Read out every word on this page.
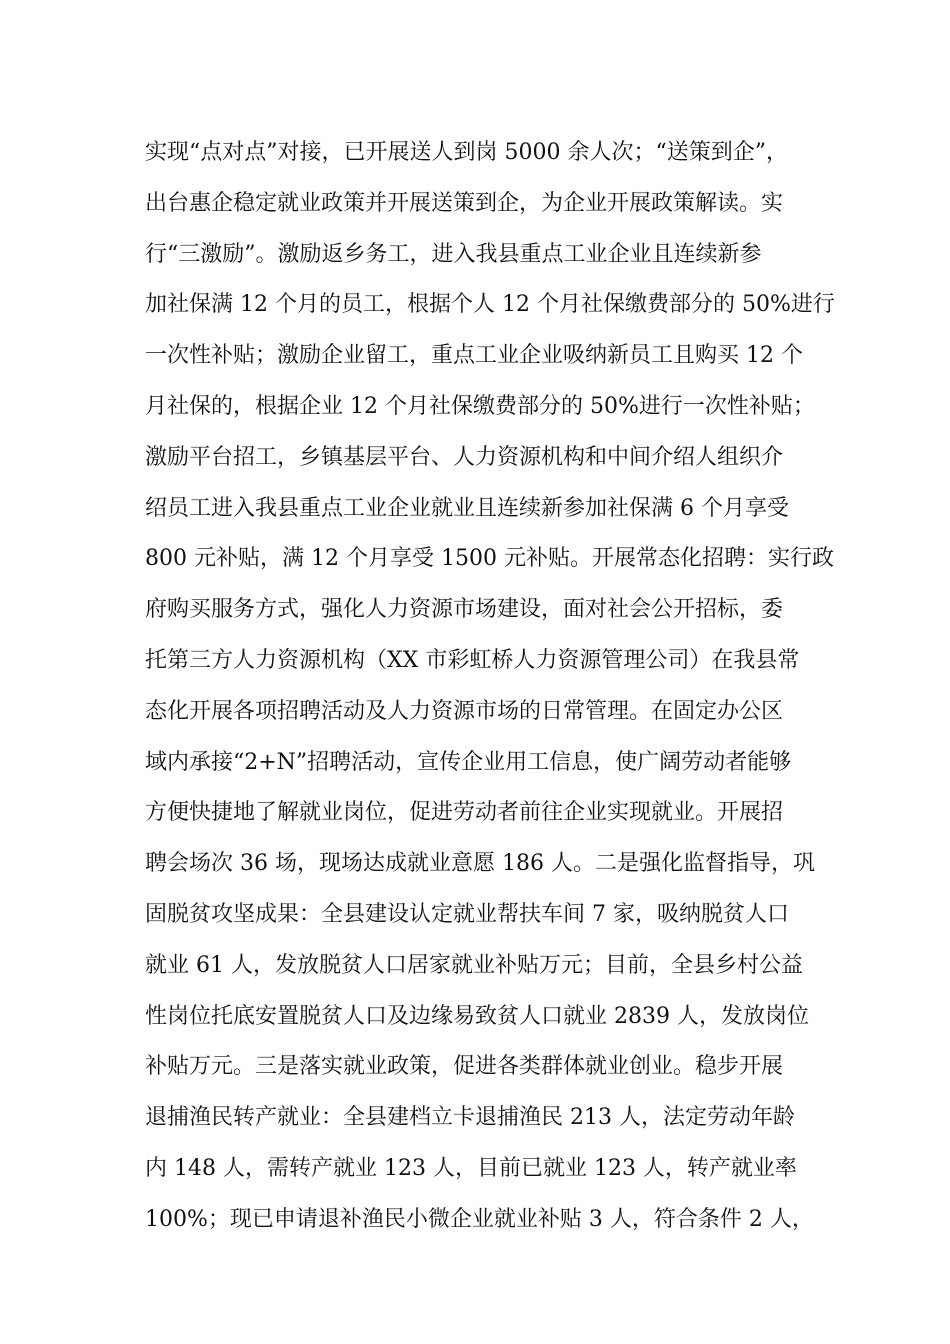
实现“点对点”对接，已开展送人到岗 5000 余人次；“送策到企”，
出台惠企稳定就业政策并开展送策到企，为企业开展政策解读。实
行“三激励”。激励返乡务工，进入我县重点工业企业且连续新参
加社保满 12 个月的员工，根据个人 12 个月社保缴费部分的 50%进行
一次性补贴；激励企业留工，重点工业企业吸纳新员工且购买 12 个
月社保的，根据企业 12 个月社保缴费部分的 50%进行一次性补贴；
激励平台招工，乡镇基层平台、人力资源机构和中间介绍人组织介
绍员工进入我县重点工业企业就业且连续新参加社保满 6 个月享受
800 元补贴，满 12 个月享受 1500 元补贴。开展常态化招聘：实行政
府购买服务方式，强化人力资源市场建设，面对社会公开招标，委
托第三方人力资源机构（XX 市彩虹桥人力资源管理公司）在我县常
态化开展各项招聘活动及人力资源市场的日常管理。在固定办公区
域内承接“2+N”招聘活动，宣传企业用工信息，使广阔劳动者能够
方便快捷地了解就业岗位，促进劳动者前往企业实现就业。开展招
聘会场次 36 场，现场达成就业意愿 186 人。二是强化监督指导，巩
固脱贫攻坚成果：全县建设认定就业帮扶车间 7 家，吸纳脱贫人口
就业 61 人，发放脱贫人口居家就业补贴万元；目前，全县乡村公益
性岗位托底安置脱贫人口及边缘易致贫人口就业 2839 人，发放岗位
补贴万元。三是落实就业政策，促进各类群体就业创业。稳步开展
退捕渔民转产就业：全县建档立卡退捕渔民 213 人，法定劳动年龄
内 148 人，需转产就业 123 人，目前已就业 123 人，转产就业率
100%；现已申请退补渔民小微企业就业补贴 3 人，符合条件 2 人，
